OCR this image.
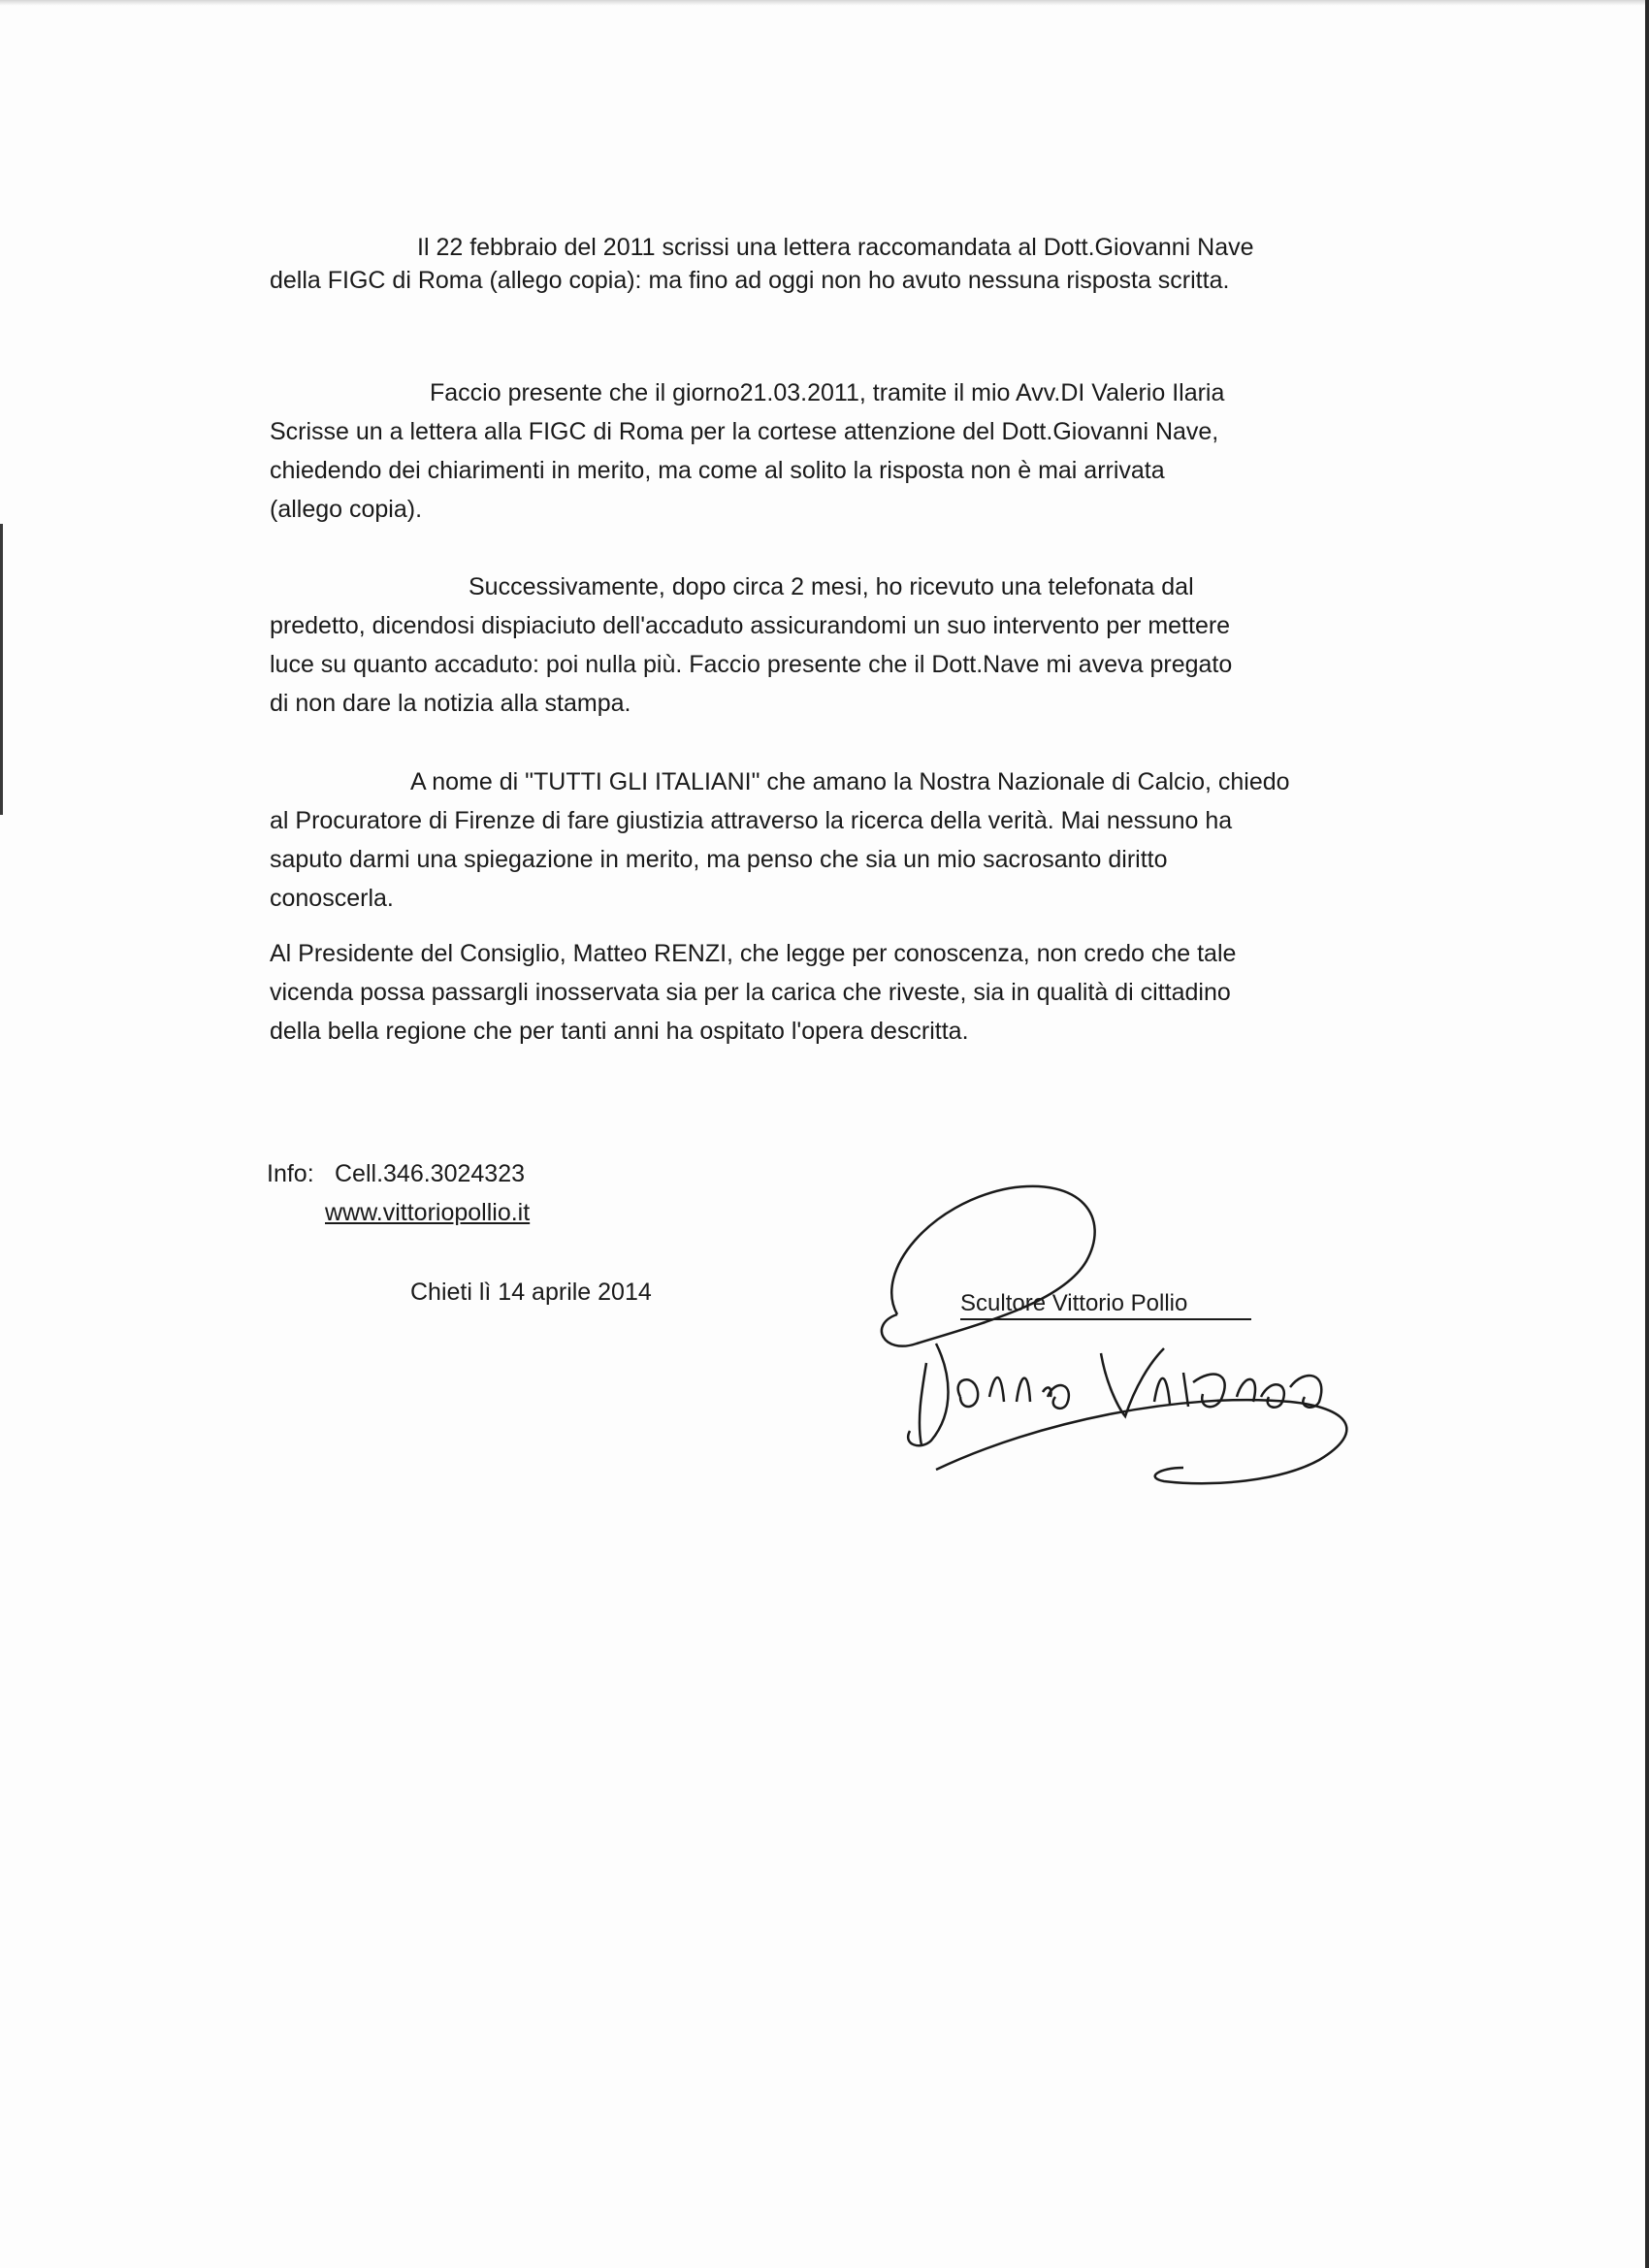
Il 22 febbraio del 2011 scrissi una lettera raccomandata al Dott.Giovanni Nave
della FIGC di Roma (allego copia): ma fino ad oggi non ho avuto nessuna risposta scritta.
Faccio presente che il giorno21.03.2011, tramite il mio Avv.DI Valerio Ilaria
Scrisse un a lettera alla FIGC di Roma per la cortese attenzione del Dott.Giovanni Nave,
chiedendo dei chiarimenti in merito, ma come al solito la risposta non è mai arrivata
(allego copia).
Successivamente, dopo circa 2 mesi, ho ricevuto una telefonata dal
predetto, dicendosi dispiaciuto dell'accaduto assicurandomi un suo intervento per mettere
luce su quanto accaduto: poi nulla più. Faccio presente che il Dott.Nave mi aveva pregato
di non dare la notizia alla stampa.
A nome di "TUTTI GLI ITALIANI" che amano la Nostra Nazionale di Calcio, chiedo
al Procuratore di Firenze di fare giustizia attraverso la ricerca della verità. Mai nessuno ha
saputo darmi una spiegazione in merito, ma penso che sia un mio sacrosanto diritto
conoscerla.
Al Presidente del Consiglio, Matteo RENZI, che legge per conoscenza, non credo che tale
vicenda possa passargli inosservata sia per la carica che riveste, sia in qualità di cittadino
della bella regione che per tanti anni ha ospitato l'opera descritta.
Info: Cell.346.3024323
www.vittoriopollio.it
Chieti lì 14 aprile 2014	Scultore Vittorio Pollio
